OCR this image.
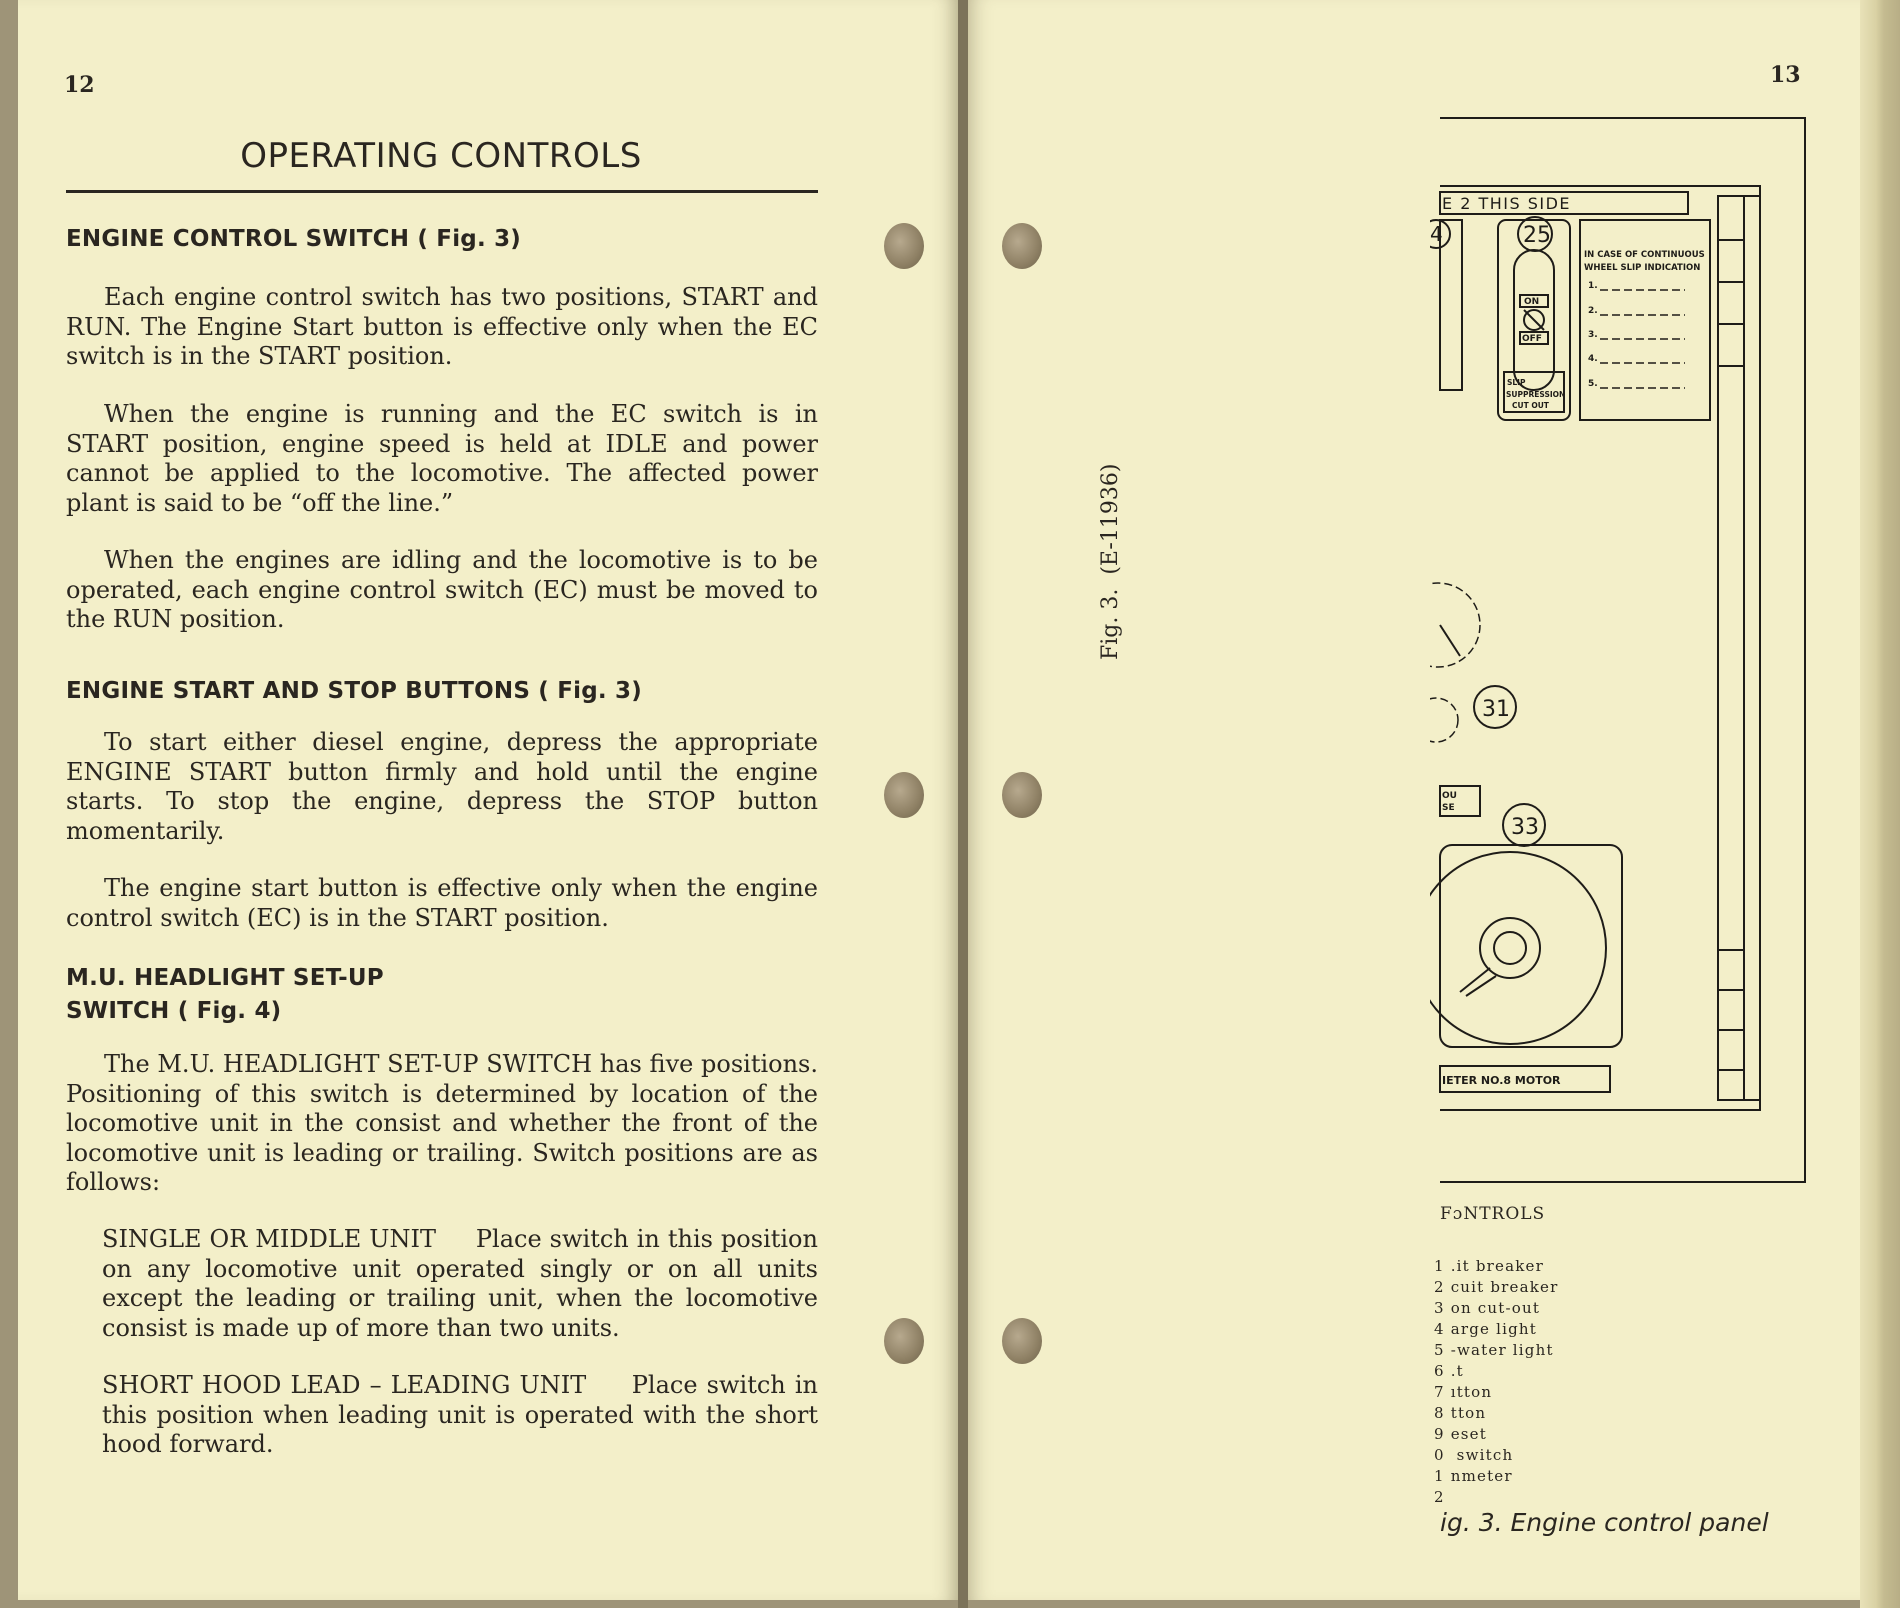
12
OPERATING CONTROLS
ENGINE CONTROL SWITCH ( Fig. 3)

Each engine control switch has two positions, START and RUN. The Engine Start button is effective only when the EC switch is in the START position.

When the engine is running and the EC switch is in START position, engine speed is held at IDLE and power cannot be applied to the locomotive. The affected power plant is said to be “off the line.”

When the engines are idling and the locomotive is to be operated, each engine control switch (EC) must be moved to the RUN position.

ENGINE START AND STOP BUTTONS ( Fig. 3)

To start either diesel engine, depress the appropriate ENGINE START button firmly and hold until the engine starts. To stop the engine, depress the STOP button momentarily.

The engine start button is effective only when the engine control switch (EC) is in the START position.

M.U. HEADLIGHT SET-UP
SWITCH ( Fig. 4)

The M.U. HEADLIGHT SET-UP SWITCH has five positions. Positioning of this switch is determined by location of the locomotive unit in the consist and whether the front of the locomotive unit is leading or trailing. Switch positions are as follows:

SINGLE OR MIDDLE UNIT Place switch in this position on any locomotive unit operated singly or on all units except the leading or trailing unit, when the locomotive consist is made up of more than two units.

SHORT HOOD LEAD – LEADING UNIT Place switch in this position when leading unit is operated with the short hood forward.

13
Fig. 3.  (E-11936)
E 2 THIS SIDE
4	25
ON
OFF
SLIP
SUPPRESSION
CUT OUT
IN CASE OF CONTINUOUS
WHEEL SLIP INDICATION
1.
2.
3.
4.
5.
31
OU
SE
33
IETER NO.8 MOTOR
FɔNTROLS
1 .it breaker
2 cuit breaker
3 on cut-out
4 arge light
5 -water light
6 .t
7 ıtton
8 tton
9 eset
0  switch
1 nmeter
2
ig. 3. Engine control panel
